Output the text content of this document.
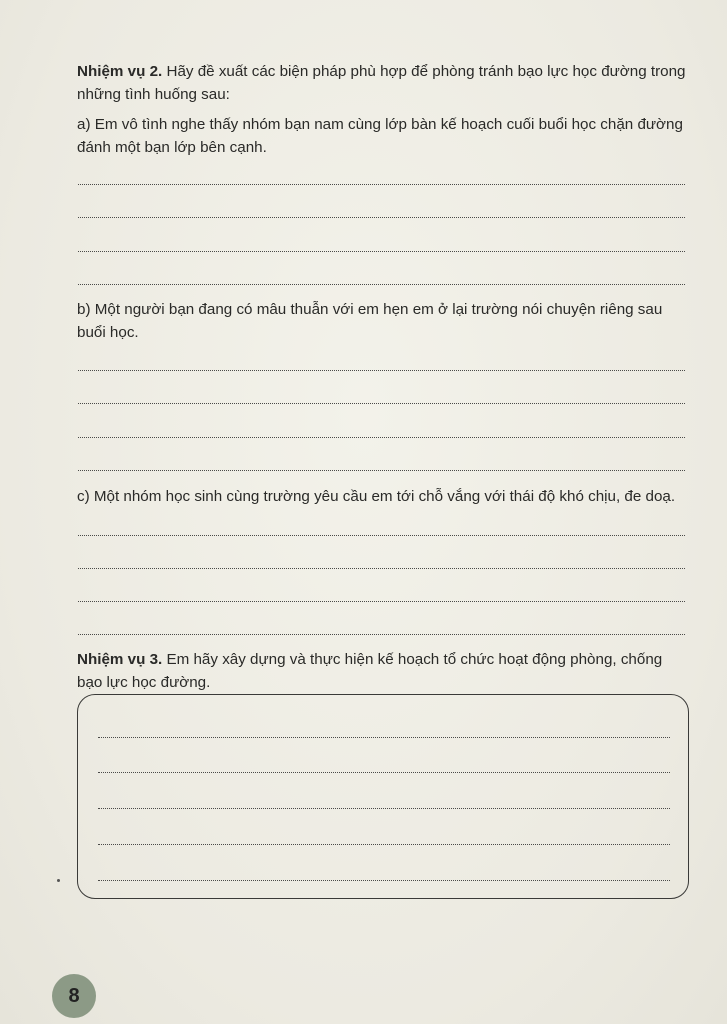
Nhiệm vụ 2. Hãy đề xuất các biện pháp phù hợp để phòng tránh bạo lực học đường trong những tình huống sau:

a) Em vô tình nghe thấy nhóm bạn nam cùng lớp bàn kế hoạch cuối buổi học chặn đường đánh một bạn lớp bên cạnh.

b) Một người bạn đang có mâu thuẫn với em hẹn em ở lại trường nói chuyện riêng sau buổi học.

c) Một nhóm học sinh cùng trường yêu cầu em tới chỗ vắng với thái độ khó chịu, đe doạ.

Nhiệm vụ 3. Em hãy xây dựng và thực hiện kế hoạch tổ chức hoạt động phòng, chống bạo lực học đường.

8
